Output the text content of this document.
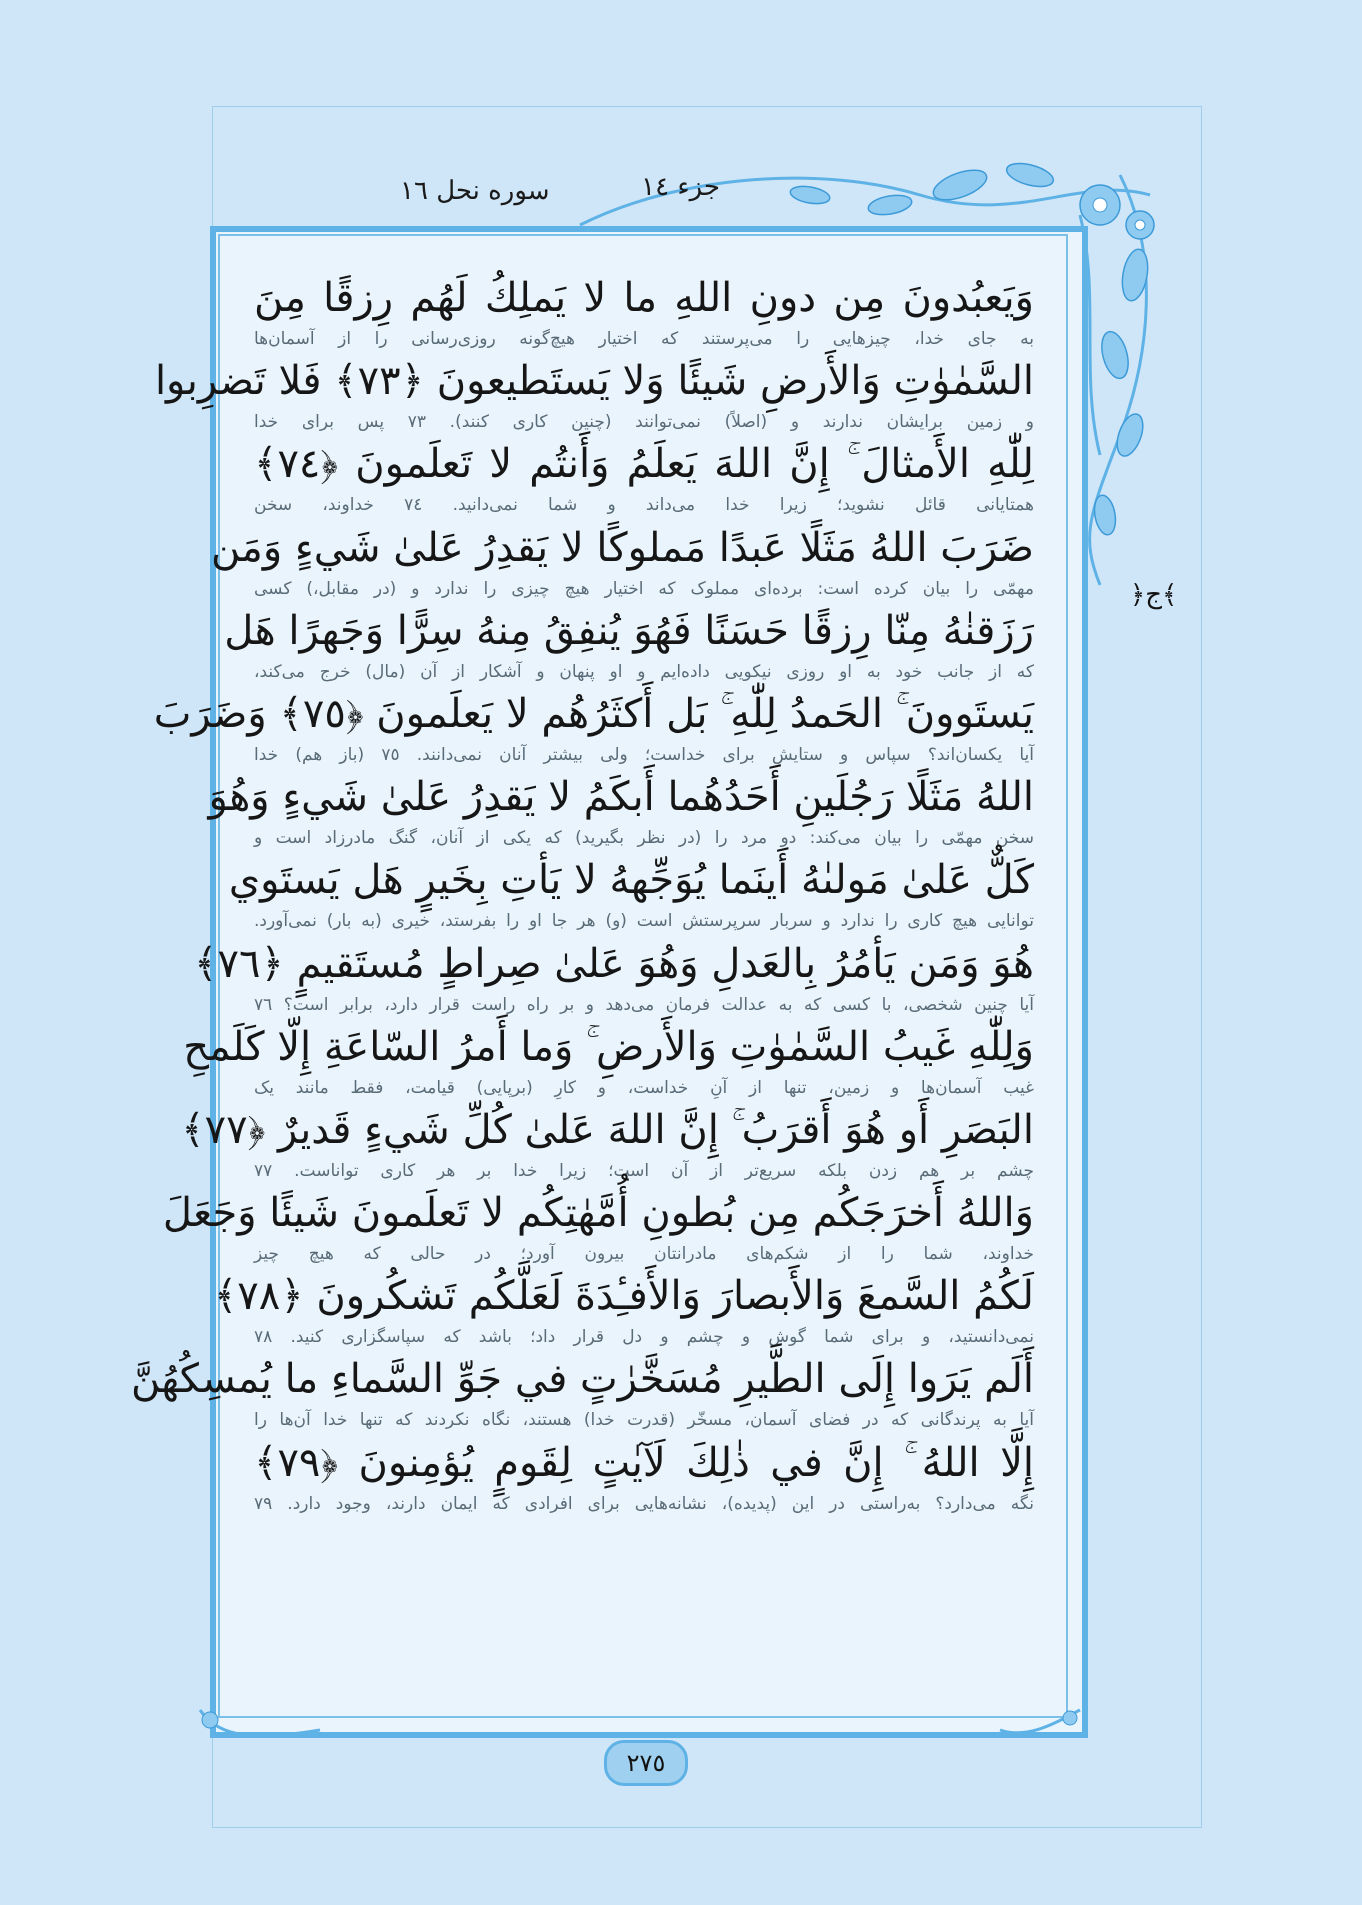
جزء ١٤
سوره نحل ١٦
﴿ج﴾
وَيَعبُدونَ مِن دونِ اللهِ ما لا يَملِكُ لَهُم رِزقًا مِنَ
به جای خدا، چیزهایی را می‌پرستند که اختیار هیچ‌گونه روزی‌رسانی را از آسمان‌ها
السَّمٰوٰتِ وَالأَرضِ شَيئًا وَلا يَستَطيعونَ ﴿٧٣﴾ فَلا تَضرِبوا
و زمین برایشان ندارند و (اصلاً) نمی‌توانند (چنین کاری کنند). ٧٣ پس برای خدا
لِلّٰهِ الأَمثالَ ۚ إِنَّ اللهَ يَعلَمُ وَأَنتُم لا تَعلَمونَ ﴿٧٤﴾
همتایانی قائل نشوید؛ زیرا خدا می‌داند و شما نمی‌دانید. ٧٤ خداوند، سخن
ضَرَبَ اللهُ مَثَلًا عَبدًا مَملوكًا لا يَقدِرُ عَلىٰ شَيءٍ وَمَن
مهمّی را بیان کرده است: برده‌ای مملوک که اختیار هیچ چیزی را ندارد و (در مقابل،) کسی
رَزَقنٰهُ مِنّا رِزقًا حَسَنًا فَهُوَ يُنفِقُ مِنهُ سِرًّا وَجَهرًا هَل
که از جانب خود به او روزی نیکویی داده‌ایم و او پنهان و آشکار از آن (مال) خرج می‌کند،
يَستَوونَ ۚ الحَمدُ لِلّٰهِ ۚ بَل أَكثَرُهُم لا يَعلَمونَ ﴿٧٥﴾ وَضَرَبَ
آیا یکسان‌اند؟ سپاس و ستایش برای خداست؛ ولی بیشتر آنان نمی‌دانند. ٧٥ (باز هم) خدا
اللهُ مَثَلًا رَجُلَينِ أَحَدُهُما أَبكَمُ لا يَقدِرُ عَلىٰ شَيءٍ وَهُوَ
سخن مهمّی را بیان می‌کند: دو مرد را (در نظر بگیرید) که یکی از آنان، گنگ مادرزاد است و
كَلٌّ عَلىٰ مَولىٰهُ أَينَما يُوَجِّههُ لا يَأتِ بِخَيرٍ هَل يَستَوي
توانایی هیچ کاری را ندارد و سربار سرپرستش است (و) هر جا او را بفرستد، خیری (به بار) نمی‌آورد.
هُوَ وَمَن يَأمُرُ بِالعَدلِ وَهُوَ عَلىٰ صِراطٍ مُستَقيمٍ ﴿٧٦﴾
آیا چنین شخصی، با کسی که به عدالت فرمان می‌دهد و بر راه راست قرار دارد، برابر است؟ ٧٦
وَلِلّٰهِ غَيبُ السَّمٰوٰتِ وَالأَرضِ ۚ وَما أَمرُ السّاعَةِ إِلّا كَلَمحِ
غیب آسمان‌ها و زمین، تنها از آنِ خداست، و کارِ (برپایی) قیامت، فقط مانند یک
البَصَرِ أَو هُوَ أَقرَبُ ۚ إِنَّ اللهَ عَلىٰ كُلِّ شَيءٍ قَديرٌ ﴿٧٧﴾
چشم بر هم زدن بلکه سریع‌تر از آن است؛ زیرا خدا بر هر کاری تواناست. ٧٧
وَاللهُ أَخرَجَكُم مِن بُطونِ أُمَّهٰتِكُم لا تَعلَمونَ شَيئًا وَجَعَلَ
خداوند، شما را از شکم‌های مادرانتان بیرون آورد؛ در حالی که هیچ چیز
لَكُمُ السَّمعَ وَالأَبصارَ وَالأَفـِٔدَةَ لَعَلَّكُم تَشكُرونَ ﴿٧٨﴾
نمی‌دانستید، و برای شما گوش و چشم و دل قرار داد؛ باشد که سپاسگزاری کنید. ٧٨
أَلَم يَرَوا إِلَى الطَّيرِ مُسَخَّرٰتٍ في جَوِّ السَّماءِ ما يُمسِكُهُنَّ
آیا به پرندگانی که در فضای آسمان، مسخّر (قدرت خدا) هستند، نگاه نکردند که تنها خدا آن‌ها را
إِلَّا اللهُ ۚ إِنَّ في ذٰلِكَ لَآيٰتٍ لِقَومٍ يُؤمِنونَ ﴿٧٩﴾
نگه می‌دارد؟ به‌راستی در این (پدیده)، نشانه‌هایی برای افرادی که ایمان دارند، وجود دارد. ٧٩
٢٧٥
